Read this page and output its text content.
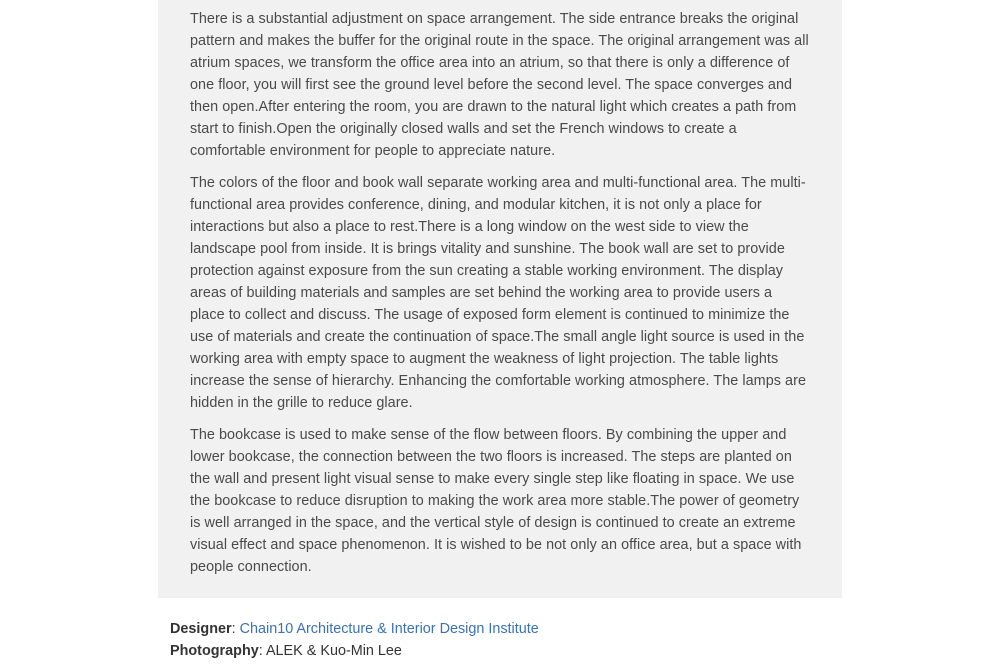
There is a substantial adjustment on space arrangement. The side entrance breaks the original pattern and makes the buffer for the original route in the space. The original arrangement was all atrium spaces, we transform the office area into an atrium, so that there is only a difference of one floor, you will first see the ground level before the second level. The space converges and then open.After entering the room, you are drawn to the natural light which creates a path from start to finish.Open the originally closed walls and set the French windows to create a comfortable environment for people to appreciate nature.

The colors of the floor and book wall separate working area and multi-functional area. The multi-functional area provides conference, dining, and modular kitchen, it is not only a place for interactions but also a place to rest.There is a long window on the west side to view the landscape pool from inside. It is brings vitality and sunshine. The book wall are set to provide protection against exposure from the sun creating a stable working environment. The display areas of building materials and samples are set behind the working area to provide users a place to collect and discuss. The usage of exposed form element is continued to minimize the use of materials and create the continuation of space.The small angle light source is used in the working area with empty space to augment the weakness of light projection. The table lights increase the sense of hierarchy. Enhancing the comfortable working atmosphere. The lamps are hidden in the grille to reduce glare.

The bookcase is used to make sense of the flow between floors. By combining the upper and lower bookcase, the connection between the two floors is increased. The steps are planted on the wall and present light visual sense to make every single step like floating in space. We use the bookcase to reduce disruption to making the work area more stable.The power of geometry is well arranged in the space, and the vertical style of design is continued to create an extreme visual effect and space phenomenon. It is wished to be not only an office area, but a space with people connection.

Designer: Chain10 Architecture & Interior Design Institute
Photography: ALEK & Kuo-Min Lee
